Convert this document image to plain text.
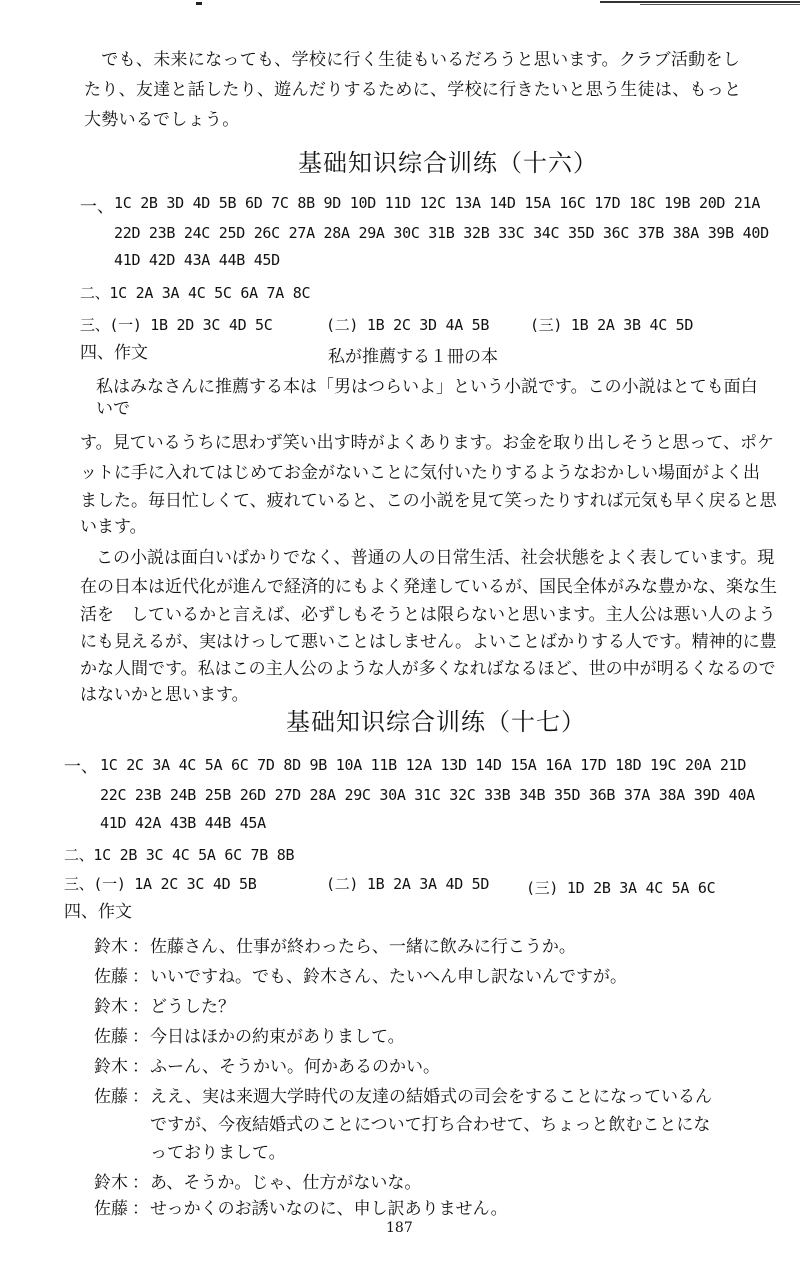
　でも、未来になっても、学校に行く生徒もいるだろうと思います。クラブ活動をし
たり、友達と話したり、遊んだりするために、学校に行きたいと思う生徒は、もっと
大勢いるでしょう。
基础知识综合训练（十六）
一、 1C 2B 3D 4D 5B 6D 7C 8B 9D 10D 11D 12C 13A 14D 15A 16C 17D 18C 19B 20D 21A
22D 23B 24C 25D 26C 27A 28A 29A 30C 31B 32B 33C 34C 35D 36C 37B 38A 39B 40D
41D 42D 43A 44B 45D
二、1C 2A 3A 4C 5C 6A 7A 8C
三、(一) 1B 2D 3C 4D 5C	(二) 1B 2C 3D 4A 5B	(三) 1B 2A 3B 4C 5D
四、作文	私が推薦する１冊の本
私はみなさんに推薦する本は「男はつらいよ」という小説です。この小説はとても面白
いで
す。見ているうちに思わず笑い出す時がよくあります。お金を取り出しそうと思って、ポケ
ットに手に入れてはじめてお金がないことに気付いたりするようなおかしい場面がよく出
ました。毎日忙しくて、疲れていると、この小説を見て笑ったりすれば元気も早く戻ると思
います。
この小説は面白いばかりでなく、普通の人の日常生活、社会状態をよく表しています。現
在の日本は近代化が進んで経済的にもよく発達しているが、国民全体がみな豊かな、楽な生
活を　しているかと言えば、必ずしもそうとは限らないと思います。主人公は悪い人のよう
にも見えるが、実はけっして悪いことはしません。よいことばかりする人です。精神的に豊
かな人間です。私はこの主人公のような人が多くなればなるほど、世の中が明るくなるので
はないかと思います。
基础知识综合训练（十七）
一、 1C 2C 3A 4C 5A 6C 7D 8D 9B 10A 11B 12A 13D 14D 15A 16A 17D 18D 19C 20A 21D
22C 23B 24B 25B 26D 27D 28A 29C 30A 31C 32C 33B 34B 35D 36B 37A 38A 39D 40A
41D 42A 43B 44B 45A
二、1C 2B 3C 4C 5A 6C 7B 8B
三、(一) 1A 2C 3C 4D 5B	(二) 1B 2A 3A 4D 5D (三) 1D 2B 3A 4C 5A 6C
四、作文
鈴木 ： 佐藤さん、仕事が終わったら、一緒に飲みに行こうか。
佐藤 ： いいですね。でも、鈴木さん、たいへん申し訳ないんですが。
鈴木 ： どうした？
佐藤 ： 今日はほかの約束がありまして。
鈴木 ： ふーん、そうかい。何かあるのかい。
佐藤 ： ええ、実は来週大学時代の友達の結婚式の司会をすることになっているん
ですが、今夜結婚式のことについて打ち合わせて、ちょっと飲むことにな
っておりまして。
鈴木 ： あ、そうか。じゃ、仕方がないな。
佐藤 ： せっかくのお誘いなのに、申し訳ありません。
187
